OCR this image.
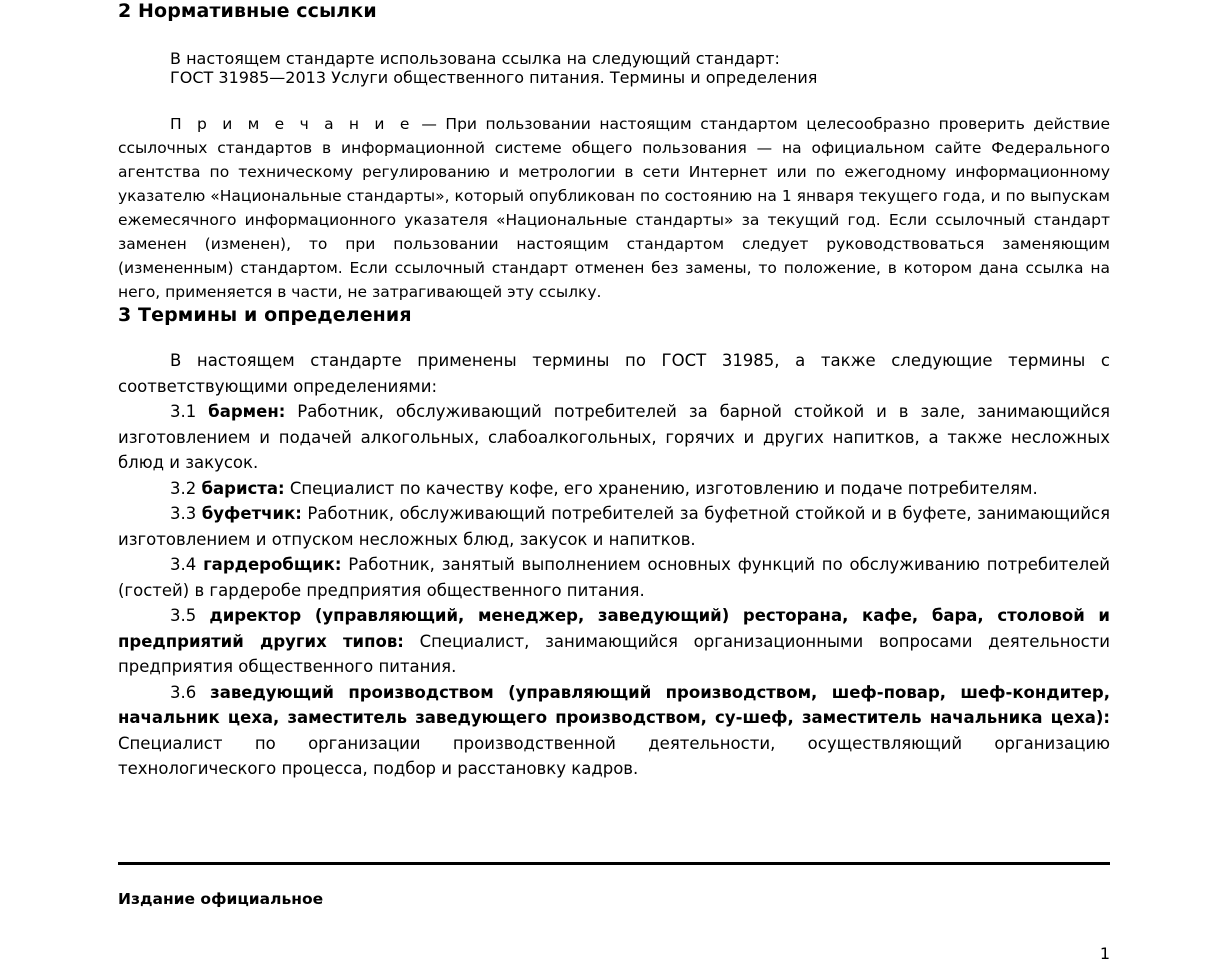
2 Нормативные ссылки
В настоящем стандарте использована ссылка на следующий стандарт:
ГОСТ 31985—2013 Услуги общественного питания. Термины и определения

П р и м е ч а н и е — При пользовании настоящим стандартом целесообразно проверить действие ссылочных стандартов в информационной системе общего пользования — на официальном сайте Федерального агентства по техническому регулированию и метрологии в сети Интернет или по ежегодному информационному указателю «Национальные стандарты», который опубликован по состоянию на 1 января текущего года, и по выпускам ежемесячного информационного указателя «Национальные стандарты» за текущий год. Если ссылочный стандарт заменен (изменен), то при пользовании настоящим стандартом следует руководствоваться заменяющим (измененным) стандартом. Если ссылочный стандарт отменен без замены, то положение, в котором дана ссылка на него, применяется в части, не затрагивающей эту ссылку.

3 Термины и определения

В настоящем стандарте применены термины по ГОСТ 31985, а также следующие термины с соответствующими определениями:

3.1 бармен: Работник, обслуживающий потребителей за барной стойкой и в зале, занимающийся изготовлением и подачей алкогольных, слабоалкогольных, горячих и других напитков, а также несложных блюд и закусок.

3.2 бариста: Специалист по качеству кофе, его хранению, изготовлению и подаче потребителям.

3.3 буфетчик: Работник, обслуживающий потребителей за буфетной стойкой и в буфете, занимающийся изготовлением и отпуском несложных блюд, закусок и напитков.

3.4 гардеробщик: Работник, занятый выполнением основных функций по обслуживанию потребителей (гостей) в гардеробе предприятия общественного питания.

3.5 директор (управляющий, менеджер, заведующий) ресторана, кафе, бара, столовой и предприятий других типов: Специалист, занимающийся организационными вопросами деятельности предприятия общественного питания.

3.6 заведующий производством (управляющий производством, шеф-повар, шеф-кондитер, начальник цеха, заместитель заведующего производством, су-шеф, заместитель начальника цеха): Специалист по организации производственной деятельности, осуществляющий организацию технологического процесса, подбор и расстановку кадров.

Издание официальное
1
